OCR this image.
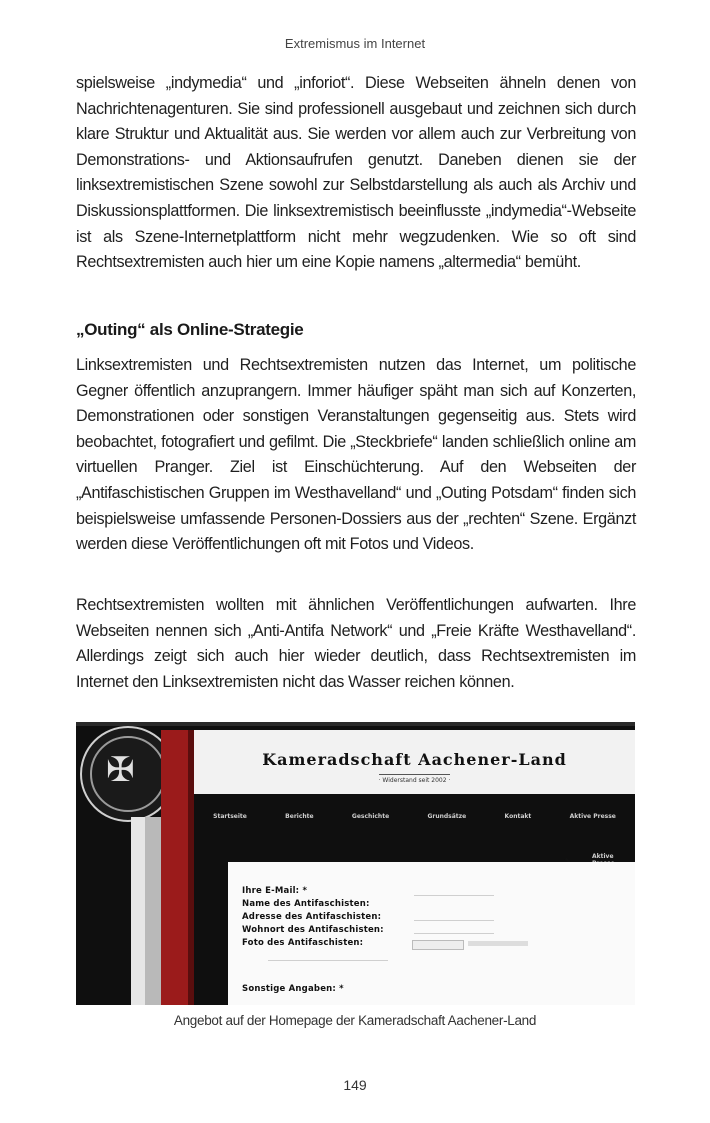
Extremismus im Internet
spielsweise „indymedia“ und „inforiot“. Diese Webseiten ähneln denen von Nachrichtenagenturen. Sie sind professionell ausgebaut und zeichnen sich durch klare Struktur und Aktualität aus. Sie werden vor allem auch zur Verbreitung von Demonstrations- und Aktionsaufrufen genutzt. Daneben dienen sie der linksextremistischen Szene sowohl zur Selbstdarstellung als auch als Archiv und Diskussionsplattformen. Die linksextremistisch beeinflusste „indymedia“-Webseite ist als Szene-Internetplattform nicht mehr wegzudenken. Wie so oft sind Rechtsextremisten auch hier um eine Kopie namens „altermedia“ bemüht.
„Outing“ als Online-Strategie
Linksextremisten und Rechtsextremisten nutzen das Internet, um politische Gegner öffentlich anzuprangern. Immer häufiger späht man sich auf Konzerten, Demonstrationen oder sonstigen Veranstaltungen gegenseitig aus. Stets wird beobachtet, fotografiert und gefilmt. Die „Steckbriefe“ landen schließlich online am virtuellen Pranger. Ziel ist Einschüchterung. Auf den Webseiten der „Antifaschistischen Gruppen im Westhavelland“ und „Outing Potsdam“ finden sich beispielsweise umfassende Personen-Dossiers aus der „rechten“ Szene. Ergänzt werden diese Veröffentlichungen oft mit Fotos und Videos.
Rechtsextremisten wollten mit ähnlichen Veröffentlichungen aufwarten. Ihre Webseiten nennen sich „Anti-Antifa Network“ und „Freie Kräfte Westhavelland“. Allerdings zeigt sich auch hier wieder deutlich, dass Rechtsextremisten im Internet den Linksextremisten nicht das Wasser reichen können.
✠	Kameradschaft Aachener-Land
· Widerstand seit 2002 ·
Startseite	Berichte	Geschichte	Grundsätze	Kontakt	Aktive Presse
Aktive
Ihre E-Mail: *
Name des Antifaschisten:
Adresse des Antifaschisten:
Wohnort des Antifaschisten:
Foto des Antifaschisten:
Sonstige Angaben: *
Angebot auf der Homepage der Kameradschaft Aachener-Land
149
